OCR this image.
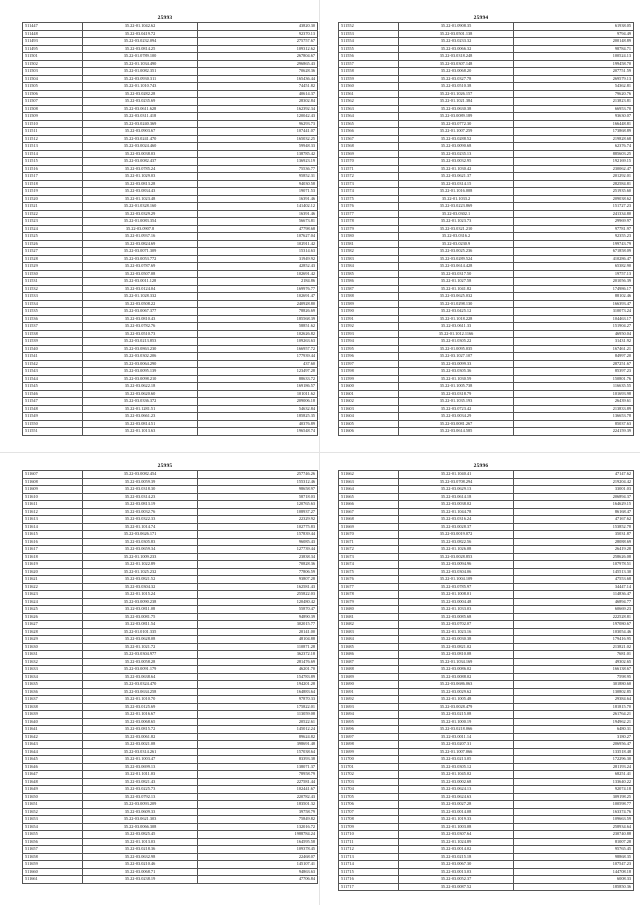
25993
511447	35.22-01.1042.62	43820.30
511448	35.22-03.0419.72	92370.13
511493	35.22-03.0232.094	275757.67
511495	35.22-03.0814.25	109312.62
511501	35.22-01.0789.100	267804.67
511502	35.22-01.1034.490	296865.43
511503	35.22-01.0082.351	70628.36
511504	35.22-03.0930.311	165436.44
511505	35.22-01.1010.743	74451.82
511506	35.22-03.0282.28	40614.37
511507	35.22-03.0235.69	28302.84
511508	35.22-03.0611.628	162392.34
511509	35.22-03.0311.418	120042.43
511510	35.22-03.0240.369	96293.73
511511	35.22-03.0903.67	107441.07
511512	35.22-03.0241.470	165032.25
511513	35.22-03.0024.460	59948.33
511514	35.22-03.0038.03	138785.42
511515	35.22-03.0082.437	136923.19
511516	35.22-03.0785.24	75536.77
511517	35.22-01.1029.03	95852.31
511518	35.22-03.0813.28	94030.58
511519	35.22-03.0834.43	19071.53
511520	35.22-01.1023.48	16391.46
511521	35.22-01.0328.160	141402.12
511522	35.22-03.0329.29	16391.46
511523	35.22-01.0083.354	56673.81
511524	35.22-03.0907.8	47798.68
511525	35.22-01.0937.16	107627.04
511526	35.22-03.0824.69	102911.42
511527	35.22-03.0071.309	15314.63
511528	35.22-03.0053.772	31949.92
511529	35.22-03.0787.69	42852.43
511530	35.22-03.0507.08	102691.42
511531	35.22-03.0011.128	2184.86
511532	35.22-03.0124.04	169976.77
511533	35.22-01.1028.332	102691.47
511534	35.22-03.0508.22	240928.80
511535	35.22-03.0067.377	78826.69
511536	35.22-03.0810.43	185568.39
511537	35.22-03.0782.76	58851.62
511538	35.22-03.0510.73	102626.82
511539	35.22-03.0213.853	109263.63
511540	35.22-03.0863.230	166957.72
511541	35.22-03.0302.206	177939.44
511542	35.22-03.0064.290	437.60
511543	35.22-03.0095.139	123497.28
511544	35.22-03.0098.210	88633.72
511545	35.22-03.0622.18	169186.57
511546	35.22-03.0620.60	101011.62
511547	35.22-03.0336.372	209006.18
511548	35.22-01.1281.51	54632.84
511549	35.22-03.0661.23	185825.35
511550	35.22-03.0814.51	40376.89
511551	35.22-01.1013.63	196548.74
25994
511552	35.22-01.0908.35	61938.05
511553	35.22-03.0501.138	9794.49
511554	35.22-03.0233.32	200148.89
511555	35.22-03.0066.32	98784.71
511556	35.22-03.0318.248	100524.13
511557	35.22-03.0307.148	199458.70
511558	35.22-03.0068.20	207751.59
511559	35.22-03.0327.78	269579.13
511560	35.22-03.0510.38	54362.81
511561	35.22-01.1026.157	79620.76
511562	35.22-01.1021.384	213823.81
511563	35.22-03.0630.38	66953.70
511564	35.22-03.0089.189	93630.07
511565	35.22-03.0772.30	166448.81
511566	35.22-01.1007.259	173868.89
511567	35.22-03.0288.52	219828.68
511568	35.22-03.0090.68	62376.74
511569	35.22-03.0235.13	885603.25
511570	35.22-03.0032.95	192169.15
511571	35.22-01.1030.42	230062.47
511572	35.22-03.0621.37	201292.01
511573	35.22-03.0314.15	282584.81
511574	35.22-01.1016.008	251935.60
511575	35.22-01.1033.2	209038.62
511576	35.22-03.0223.869	151727.23
511577	35.22-03.0302.1	241334.80
511578	35.22-01.1023.73	29969.97
511579	35.22-03.0321.210	97781.97
511580	35.22-03.0316.2	92355.23
511581	35.22-03.0230.9	199743.79
511582	35.22-03.0025.236	671858.09
511583	35.22-03.0289.524	410286.47
511584	35.22-03.0614.428	65382.90
511585	35.22-03.0317.50	19757.13
511586	35.22-01.1027.58	201056.39
511587	35.22-01.1041.82	174986.17
511588	35.22-03.0625.032	88102.46
511589	35.22-01.0298.130	166393.47
511590	35.22-03.0425.12	310073.24
511591	35.22-01.1018.228	104463.17
511592	35.22-03.0611.33	151904.27
511593	35.22-01.1012.1166	46950.04
511594	35.22-01.0305.22	31431.92
511595	35.22-01.0095.035	167461.21
511596	35.22-03.1027.107	84997.20
511597	35.22-03.0099.33	287251.67
511598	35.22-03.0305.36	85397.23
511599	35.22-01.1030.59	150801.76
511600	35.22-01.1005.738	116635.55
511601	35.22-03.0318.79	101693.98
511602	35.22-01.1035.193	26439.61
511603	35.22-03.0723.42	213833.89
511604	35.22-03.0034.29	136653.78
511605	35.22-03.0081.267	85037.63
511606	35.22-03.0614.585	224159.39
25995
511607	35.22-03.0082.454	257746.26
511608	35.22-03.0059.39	155312.46
511609	35.22-03.0318.30	98658.97
511610	35.22-03.0314.23	58718.03
511611	35.22-03.0813.19	120765.63
511612	35.22-03.0032.76	108937.27
511613	35.22-03.0322.33	22329.92
511614	35.22-01.1014.74	102775.83
511615	35.22-03.0626.171	157839.44
511616	35.22-03.0305.83	96085.43
511617	35.22-03.0659.34	127739.44
511618	35.22-01.1009.233	23838.34
511619	35.22-01.1022.89	70828.36
511620	35.22-01.1025.232	77806.59
511621	35.22-03.0821.52	93807.28
511622	35.22-03.0304.32	162581.43
511623	35.22-01.1015.24	255822.03
511624	35.22-03.0090.238	120480.42
511625	35.22-03.0811.08	55870.47
511626	35.22-03.0081.75	94890.39
511627	35.22-03.0811.54	302015.77
511628	35.22-01.0101.335	20141.00
511629	35.22-03.0628.08	48104.88
511630	35.22-01.1021.72	110871.28
511631	35.22-03.0304.977	362372.18
511632	35.22-03.0058.28	281476.69
511633	35.22-03.0091.179	46201.70
511634	35.22-03.0638.64	154783.89
511635	35.22-03.0324.470	194201.28
511636	35.22-03.0634.258	164883.64
511637	35.22-01.1010.70	97870.33
511638	35.22-03.0125.69	175822.01
511639	35.22-01.1016.67	113059.08
511640	35.22-03.0068.65	20522.61
511641	35.22-03.0815.72	145012.24
511642	35.22-03.0061.82	89624.82
511643	35.22-03.0021.08	398691.48
511644	35.22-03.0314.261	157038.64
511645	35.22-01.1003.47	83393.38
511646	35.22-03.0699.13	138071.37
511647	35.22-01.1011.03	78958.79
511648	35.22-03.0821.43	227581.44
511649	35.22-03.0225.73	102441.67
511650	35.22-03.0792.13	220782.43
511651	35.22-03.0093.209	183501.32
511652	35.22-03.0609.33	39758.79
511653	35.22-03.0621.303	75849.82
511654	35.22-03.0066.308	132016.72
511655	35.22-03.0825.45	1988784.24
511656	35.22-01.1013.03	164595.58
511657	35.22-03.0218.36	109378.45
511658	35.22-03.0632.98	22468.07
511659	35.22-03.0210.46	145107.41
511660	35.22-03.0068.71	94863.63
511661	35.22-03.0238.19	47706.84
25996
511662	35.22-01.1040.41	47147.62
511663	35.22-03.0708.294	219204.42
511664	35.22-03.0629.13	33001.03
511665	35.22-03.0614.18	206894.37
511666	35.22-03.0038.02	164629.15
511667	35.22-01.1044.78	86168.47
511668	35.22-03.0316.24	47167.62
511669	35.22-03.0028.37	153852.78
511670	35.22-03.0019.072	35031.87
511671	35.22-03.0822.56	28088.69
511672	35.22-01.1026.08	26419.28
511673	35.22-03.0028.853	258626.08
511674	35.22-03.0094.96	107978.51
511675	35.22-03.0304.06	145513.30
511676	35.22-01.1004.109	47553.68
511677	35.22-03.0785.97	34447.14
511678	35.22-01.1008.01	114836.47
511679	35.22-03.0004.48	46894.77
511680	35.22-01.1033.03	60669.23
511681	35.22-03.0085.68	222528.81
511682	35.22-03.0702.07	197080.67
511683	35.22-01.1023.16	103054.46
511684	35.22-03.0030.38	179416.95
511685	35.22-03.0821.02	213821.02
511686	35.22-03.0810.08	7681.01
511687	35.22-01.1034.169	49302.65
511688	35.22-03.0086.02	166138.67
511689	35.22-03.0088.02	7598.95
511690	35.22-03.0686.063	301880.60
511691	35.22-03.0029.62	130802.85
511692	35.22-01.1005.48	29384.64
511693	35.22-03.0028.479	181815.70
511694	35.22-03.0215.08	261764.21
511695	35.22-01.1000.19	194962.21
511696	35.22-03.0218.066	6480.31
511697	35.22-03.0011.14	3180.27
511698	35.22-03.0207.31	206956.47
511699	35.22-01.1007.066	133518.48
511700	35.22-03.0213.05	172296.30
511701	35.22-03.0305.12	281193.24
511702	35.22-01.1045.02	68251.41
511703	35.22-03.0002.68	133640.22
511704	35.22-03.0624.13	92074.18
511705	35.22-03.0624.63	309198.25
511706	35.22-03.0027.28	100598.77
511707	35.22-03.0014.08	163374.76
511708	35.22-01.1019.33	109663.59
511709	35.22-01.1003.08	258934.64
511710	35.22-03.0307.64	230740.88
511711	35.22-01.1024.89	81007.28
511712	35.22-03.0014.02	95765.45
511713	35.22-03.0215.18	98868.35
511714	35.22-03.0067.30	107547.23
511715	35.22-03.0013.03	144708.18
511716	35.22-03.0052.37	6008.33
511717	35.22-03.0087.52	185850.36
